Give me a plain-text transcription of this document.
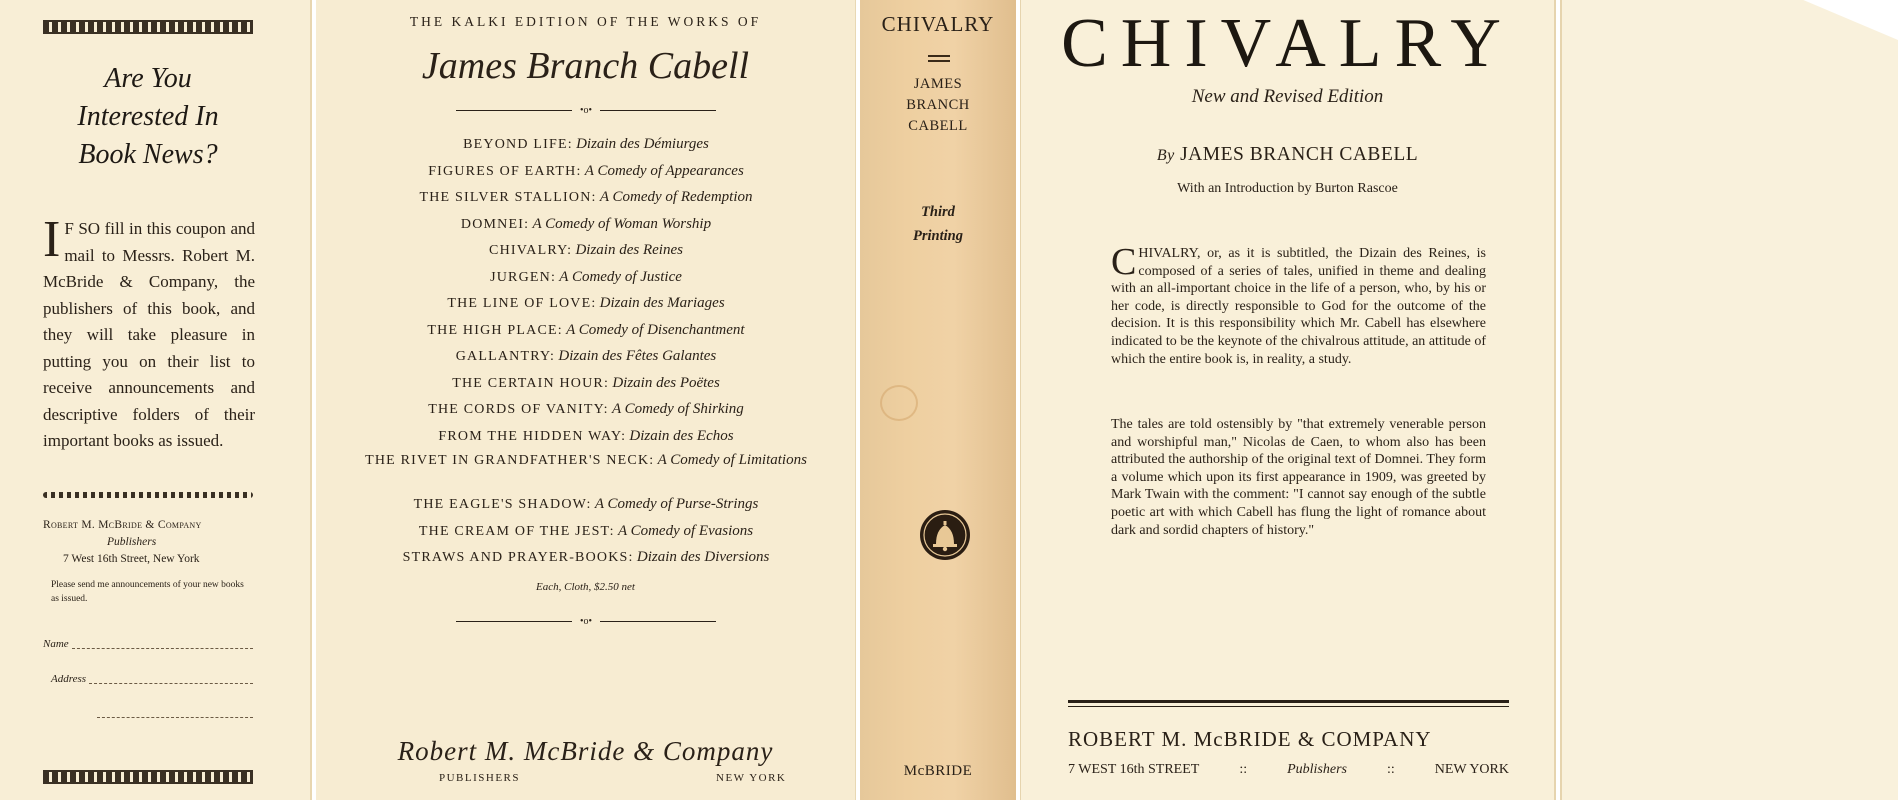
Are You
Interested In
Book News?
I F SO fill in this coupon and mail to Messrs. Robert M. McBride & Company, the publishers of this book, and they will take pleasure in putting you on their list to receive announcements and descriptive folders of their important books as issued.
Robert M. McBride & Company
Publishers
7 West 16th Street, New York
Please send me announcements of your new books as issued.
Name
Address
THE KALKI EDITION OF THE WORKS OF
James Branch Cabell
•o•
BEYOND LIFE: Dizain des Démiurges
FIGURES OF EARTH: A Comedy of Appearances
THE SILVER STALLION: A Comedy of Redemption
DOMNEI: A Comedy of Woman Worship
CHIVALRY: Dizain des Reines
JURGEN: A Comedy of Justice
THE LINE OF LOVE: Dizain des Mariages
THE HIGH PLACE: A Comedy of Disenchantment
GALLANTRY: Dizain des Fêtes Galantes
THE CERTAIN HOUR: Dizain des Poëtes
THE CORDS OF VANITY: A Comedy of Shirking
FROM THE HIDDEN WAY: Dizain des Echos
THE RIVET IN GRANDFATHER'S NECK: A Comedy of Limitations
THE EAGLE'S SHADOW: A Comedy of Purse-Strings
THE CREAM OF THE JEST: A Comedy of Evasions
STRAWS AND PRAYER-BOOKS: Dizain des Diversions
Each, Cloth, $2.50 net
•o•
Robert M. McBride & Company
PUBLISHERS	NEW YORK
CHIVALRY
JAMES
BRANCH
CABELL
Third
Printing
McBRIDE
CHIVALRY
New and Revised Edition
By JAMES BRANCH CABELL
With an Introduction by Burton Rascoe
CHIVALRY, or, as it is subtitled, the Dizain des Reines, is composed of a series of tales, unified in theme and dealing with an all-important choice in the life of a person, who, by his or her code, is directly responsible to God for the outcome of the decision. It is this responsibility which Mr. Cabell has elsewhere indicated to be the keynote of the chivalrous attitude, an attitude of which the entire book is, in reality, a study.
The tales are told ostensibly by "that extremely venerable person and worshipful man," Nicolas de Caen, to whom also has been attributed the authorship of the original text of Domnei. They form a volume which upon its first appearance in 1909, was greeted by Mark Twain with the comment: "I cannot say enough of the subtle poetic art with which Cabell has flung the light of romance about dark and sordid chapters of history."
ROBERT M. McBRIDE & COMPANY
7 WEST 16th STREET	::	Publishers	::	NEW YORK
